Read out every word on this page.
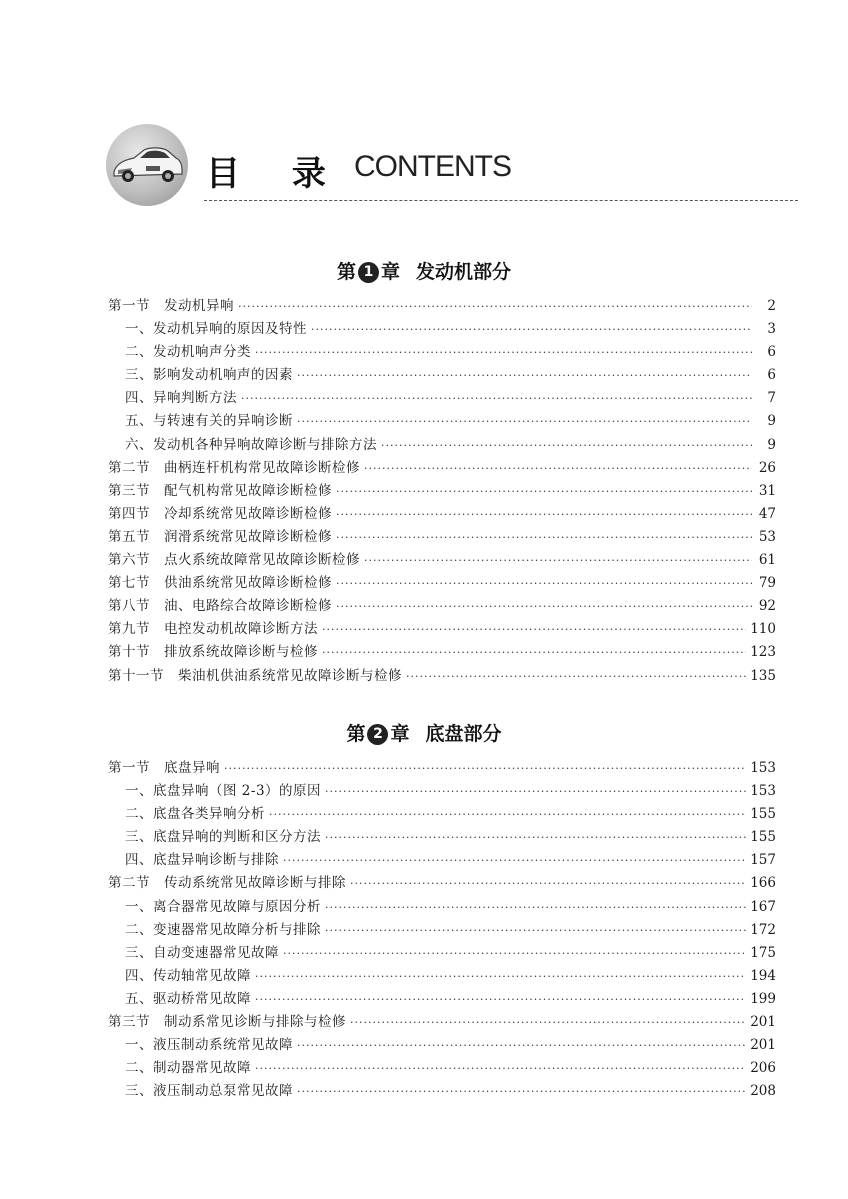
目 录 CONTENTS
第 1 章 发动机部分
第一节　发动机异响 ·····	2
一、发动机异响的原因及特性 ·····	3
二、发动机响声分类 ·····	6
三、影响发动机响声的因素 ·····	6
四、异响判断方法 ·····	7
五、与转速有关的异响诊断 ·····	9
六、发动机各种异响故障诊断与排除方法 ·····	9
第二节　曲柄连杆机构常见故障诊断检修 ·····	26
第三节　配气机构常见故障诊断检修 ·····	31
第四节　冷却系统常见故障诊断检修 ·····	47
第五节　润滑系统常见故障诊断检修 ·····	53
第六节　点火系统故障常见故障诊断检修 ·····	61
第七节　供油系统常见故障诊断检修 ·····	79
第八节　油、电路综合故障诊断检修 ·····	92
第九节　电控发动机故障诊断方法 ·····	110
第十节　排放系统故障诊断与检修 ·····	123
第十一节　柴油机供油系统常见故障诊断与检修 ·····	135
第 2 章 底盘部分
第一节　底盘异响 ·····	153
一、底盘异响（图 2-3）的原因 ·····	153
二、底盘各类异响分析 ·····	155
三、底盘异响的判断和区分方法 ·····	155
四、底盘异响诊断与排除 ·····	157
第二节　传动系统常见故障诊断与排除 ·····	166
一、离合器常见故障与原因分析 ·····	167
二、变速器常见故障分析与排除 ·····	172
三、自动变速器常见故障 ·····	175
四、传动轴常见故障 ·····	194
五、驱动桥常见故障 ·····	199
第三节　制动系常见诊断与排除与检修 ·····	201
一、液压制动系统常见故障 ·····	201
二、制动器常见故障 ·····	206
三、液压制动总泵常见故障 ·····	208
